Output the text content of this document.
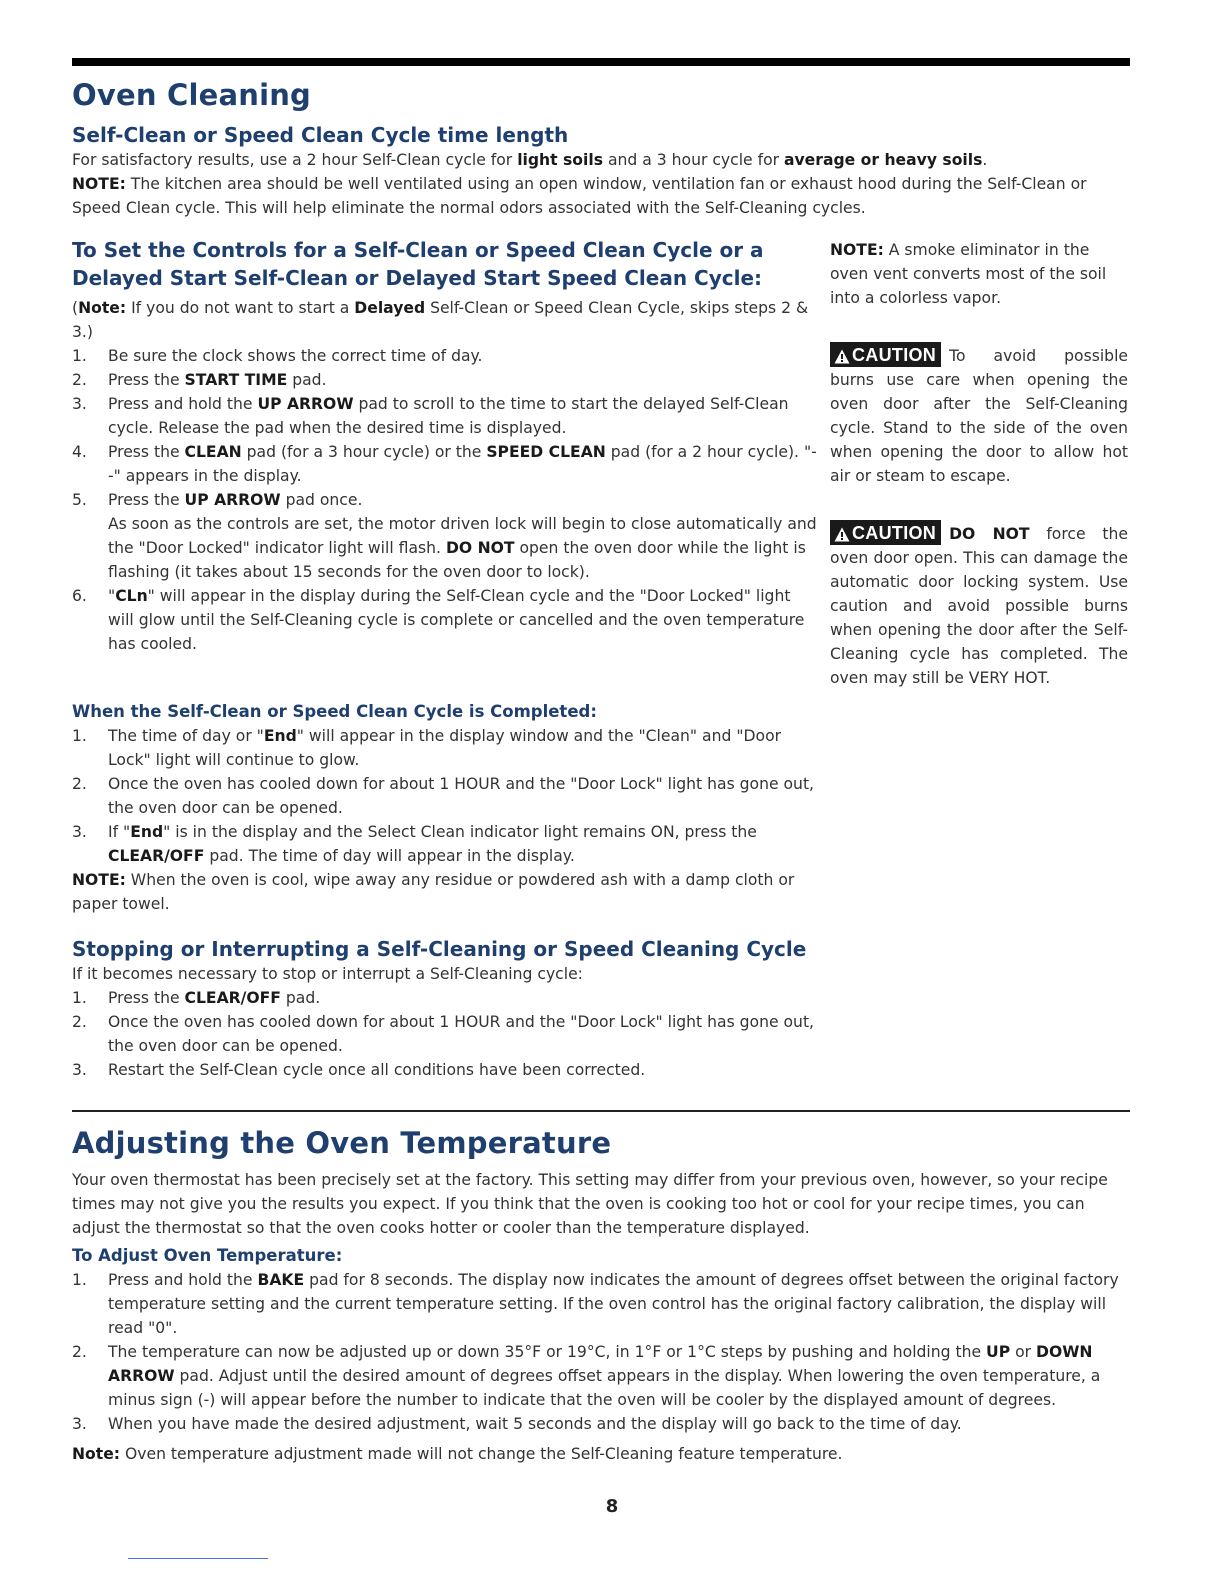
Oven Cleaning
Self-Clean or Speed Clean Cycle time length

For satisfactory results, use a 2 hour Self-Clean cycle for light soils and a 3 hour cycle for average or heavy soils.

NOTE: The kitchen area should be well ventilated using an open window, ventilation fan or exhaust hood during the Self-Clean or Speed Clean cycle. This will help eliminate the normal odors associated with the Self-Cleaning cycles.

To Set the Controls for a Self-Clean or Speed Clean Cycle or a Delayed Start Self-Clean or Delayed Start Speed Clean Cycle:

(Note: If you do not want to start a Delayed Self-Clean or Speed Clean Cycle, skips steps 2 & 3.)

1. Be sure the clock shows the correct time of day.
2. Press the START TIME pad.
3. Press and hold the UP ARROW pad to scroll to the time to start the delayed Self-Clean cycle. Release the pad when the desired time is displayed.
4. Press the CLEAN pad (for a 3 hour cycle) or the SPEED CLEAN pad (for a 2 hour cycle). "- -" appears in the display.
5. Press the UP ARROW pad once.
As soon as the controls are set, the motor driven lock will begin to close automatically and the "Door Locked" indicator light will flash. DO NOT open the oven door while the light is flashing (it takes about 15 seconds for the oven door to lock).
6. "CLn" will appear in the display during the Self-Clean cycle and the "Door Locked" light will glow until the Self-Cleaning cycle is complete or cancelled and the oven temperature has cooled.

NOTE: A smoke eliminator in the oven vent converts most of the soil into a colorless vapor.

CAUTION To avoid possible burns use care when opening the oven door after the Self-Cleaning cycle. Stand to the side of the oven when opening the door to allow hot air or steam to escape.

CAUTION DO NOT force the oven door open. This can damage the automatic door locking system. Use caution and avoid possible burns when opening the door after the Self-Cleaning cycle has completed. The oven may still be VERY HOT.

When the Self-Clean or Speed Clean Cycle is Completed:
1. The time of day or "End" will appear in the display window and the "Clean" and "Door Lock" light will continue to glow.
2. Once the oven has cooled down for about 1 HOUR and the "Door Lock" light has gone out, the oven door can be opened.
3. If "End" is in the display and the Select Clean indicator light remains ON, press the CLEAR/OFF pad. The time of day will appear in the display.

NOTE: When the oven is cool, wipe away any residue or powdered ash with a damp cloth or paper towel.

Stopping or Interrupting a Self-Cleaning or Speed Cleaning Cycle

If it becomes necessary to stop or interrupt a Self-Cleaning cycle:

1. Press the CLEAR/OFF pad.
2. Once the oven has cooled down for about 1 HOUR and the "Door Lock" light has gone out, the oven door can be opened.
3. Restart the Self-Clean cycle once all conditions have been corrected.
Adjusting the Oven Temperature

Your oven thermostat has been precisely set at the factory. This setting may differ from your previous oven, however, so your recipe times may not give you the results you expect. If you think that the oven is cooking too hot or cool for your recipe times, you can adjust the thermostat so that the oven cooks hotter or cooler than the temperature displayed.

To Adjust Oven Temperature:
1. Press and hold the BAKE pad for 8 seconds. The display now indicates the amount of degrees offset between the original factory temperature setting and the current temperature setting. If the oven control has the original factory calibration, the display will read "0".
2. The temperature can now be adjusted up or down 35°F or 19°C, in 1°F or 1°C steps by pushing and holding the UP or DOWN ARROW pad. Adjust until the desired amount of degrees offset appears in the display. When lowering the oven temperature, a minus sign (-) will appear before the number to indicate that the oven will be cooler by the displayed amount of degrees.
3. When you have made the desired adjustment, wait 5 seconds and the display will go back to the time of day.

Note: Oven temperature adjustment made will not change the Self-Cleaning feature temperature.

8
